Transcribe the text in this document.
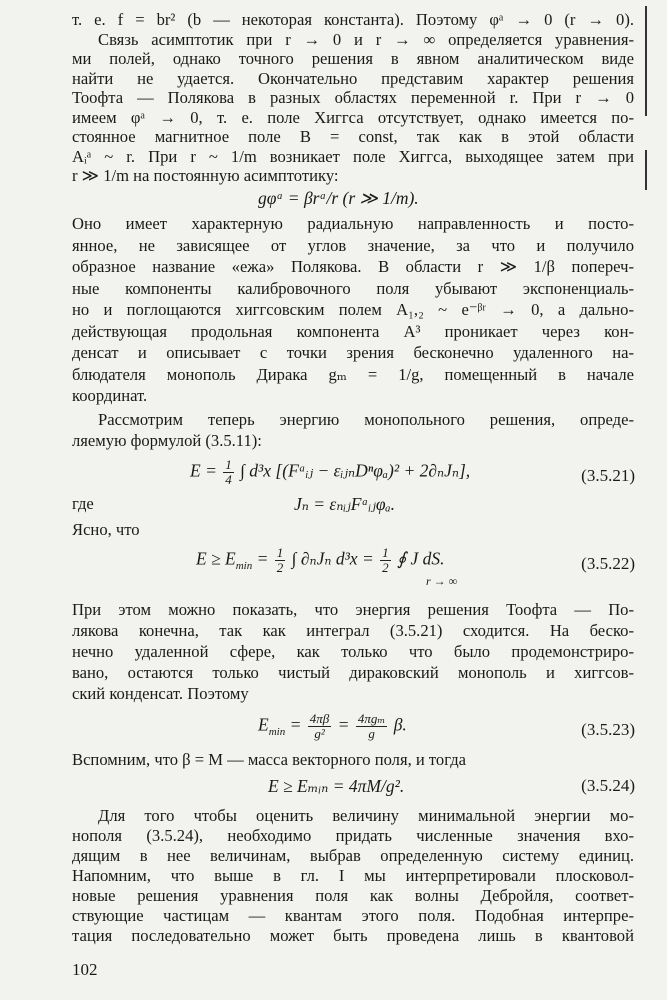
т. е. f = br² (b — некоторая константа). Поэтому φᵃ → 0 (r → 0).
Связь асимптотик при r → 0 и r → ∞ определяется уравнения-
ми полей, однако точного решения в явном аналитическом виде
найти не удается. Окончательно представим характер решения
Тоофта — Полякова в разных областях переменной r. При r → 0
имеем φᵃ → 0, т. е. поле Хиггса отсутствует, однако имеется по-
стоянное магнитное поле B = const, так как в этой области
Aᵢᵃ ~ r. При r ~ 1/m возникает поле Хиггса, выходящее затем при
r ≫ 1/m на постоянную асимптотику:
gφᵃ = βrᵃ/r (r ≫ 1/m).
Оно имеет характерную радиальную направленность и посто-
янное, не зависящее от углов значение, за что и получило
образное название «ежа» Полякова. В области r ≫ 1/β попереч-
ные компоненты калибровочного поля убывают экспоненциаль-
но и поглощаются хиггсовским полем A₁,₂ ~ e⁻ᵝʳ → 0, а дально-
действующая продольная компонента A³ проникает через кон-
денсат и описывает с точки зрения бесконечно удаленного на-
блюдателя монополь Дирака gₘ = 1/g, помещенный в начале
координат.
Рассмотрим теперь энергию монопольного решения, опреде-
ляемую формулой (3.5.11):
$E = \frac{1}{4}$ ∫ d³x [(Fᵃᵢⱼ − εᵢⱼₙDⁿφₐ)² + 2∂ₙJₙ],	(3.5.21)
где	Jₙ = εₙᵢⱼFᵃᵢⱼφₐ.
Ясно, что
$E \ge E_{min} = \frac{1}{2}$ ∫ ∂ₙJₙ $d^3x = \frac{1}{2}$ ∮ J dS.
r → ∞
(3.5.22)
При этом можно показать, что энергия решения Тоофта — По-
лякова конечна, так как интеграл (3.5.21) сходится. На беско-
нечно удаленной сфере, как только что было продемонстриро-
вано, остаются только чистый дираковский монополь и хиггсов-
ский конденсат. Поэтому
$E_{min} = \frac{4\pi\beta}{\text{g²}} = \frac{\text{4πgₘ}}{g} \beta$.	(3.5.23)
Вспомним, что β = M — масса векторного поля, и тогда
E ≥ Eₘᵢₙ = 4πM/g².	(3.5.24)
Для того чтобы оценить величину минимальной энергии мо-
нополя (3.5.24), необходимо придать численные значения вхо-
дящим в нее величинам, выбрав определенную систему единиц.
Напомним, что выше в гл. I мы интерпретировали плосковол-
новые решения уравнения поля как волны Дебройля, соответ-
ствующие частицам — квантам этого поля. Подобная интерпре-
тация последовательно может быть проведена лишь в квантовой
102
